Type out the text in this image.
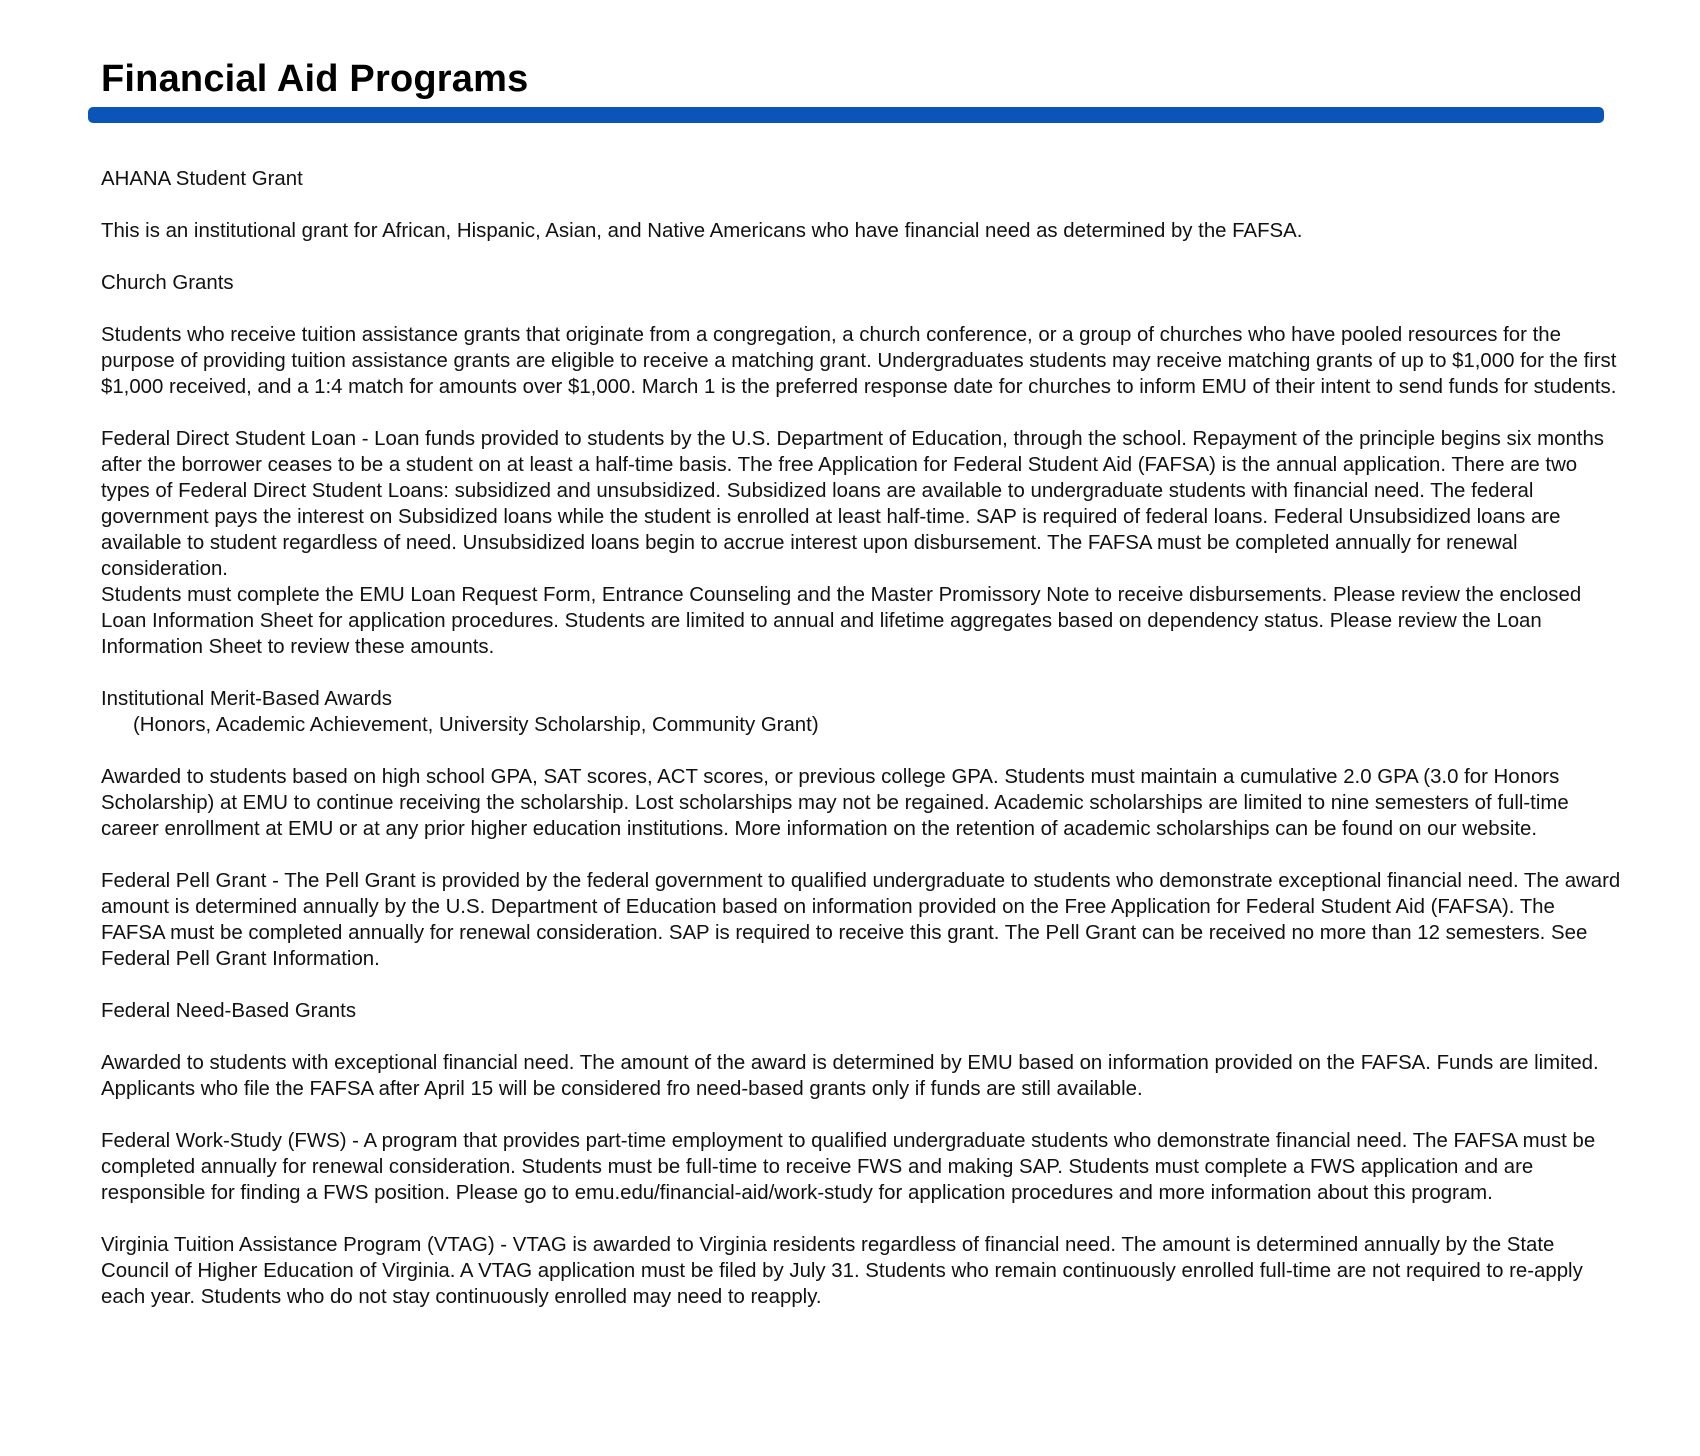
Financial Aid Programs

AHANA Student Grant

This is an institutional grant for African, Hispanic, Asian, and Native Americans who have financial need as determined by the FAFSA.

Church Grants

Students who receive tuition assistance grants that originate from a congregation, a church conference, or a group of churches who have pooled resources for the purpose of providing tuition assistance grants are eligible to receive a matching grant. Undergraduates students may receive matching grants of up to $1,000 for the first $1,000 received, and a 1:4 match for amounts over $1,000. March 1 is the preferred response date for churches to inform EMU of their intent to send funds for students.

Federal Direct Student Loan - Loan funds provided to students by the U.S. Department of Education, through the school. Repayment of the principle begins six months after the borrower ceases to be a student on at least a half-time basis. The free Application for Federal Student Aid (FAFSA) is the annual application. There are two types of Federal Direct Student Loans: subsidized and unsubsidized. Subsidized loans are available to undergraduate students with financial need. The federal government pays the interest on Subsidized loans while the student is enrolled at least half-time. SAP is required of federal loans. Federal Unsubsidized loans are available to student regardless of need. Unsubsidized loans begin to accrue interest upon disbursement. The FAFSA must be completed annually for renewal consideration.

Students must complete the EMU Loan Request Form, Entrance Counseling and the Master Promissory Note to receive disbursements. Please review the enclosed Loan Information Sheet for application procedures. Students are limited to annual and lifetime aggregates based on dependency status. Please review the Loan Information Sheet to review these amounts.

Institutional Merit-Based Awards

(Honors, Academic Achievement, University Scholarship, Community Grant)

Awarded to students based on high school GPA, SAT scores, ACT scores, or previous college GPA. Students must maintain a cumulative 2.0 GPA (3.0 for Honors Scholarship) at EMU to continue receiving the scholarship. Lost scholarships may not be regained. Academic scholarships are limited to nine semesters of full-time career enrollment at EMU or at any prior higher education institutions. More information on the retention of academic scholarships can be found on our website.

Federal Pell Grant - The Pell Grant is provided by the federal government to qualified undergraduate to students who demonstrate exceptional financial need. The award amount is determined annually by the U.S. Department of Education based on information provided on the Free Application for Federal Student Aid (FAFSA). The FAFSA must be completed annually for renewal consideration. SAP is required to receive this grant. The Pell Grant can be received no more than 12 semesters. See Federal Pell Grant Information.

Federal Need-Based Grants

Awarded to students with exceptional financial need. The amount of the award is determined by EMU based on information provided on the FAFSA. Funds are limited. Applicants who file the FAFSA after April 15 will be considered fro need-based grants only if funds are still available.

Federal Work-Study (FWS) - A program that provides part-time employment to qualified undergraduate students who demonstrate financial need. The FAFSA must be completed annually for renewal consideration. Students must be full-time to receive FWS and making SAP. Students must complete a FWS application and are responsible for finding a FWS position. Please go to emu.edu/financial-aid/work-study for application procedures and more information about this program.

Virginia Tuition Assistance Program (VTAG) - VTAG is awarded to Virginia residents regardless of financial need. The amount is determined annually by the State Council of Higher Education of Virginia. A VTAG application must be filed by July 31. Students who remain continuously enrolled full-time are not required to re-apply each year. Students who do not stay continuously enrolled may need to reapply.
